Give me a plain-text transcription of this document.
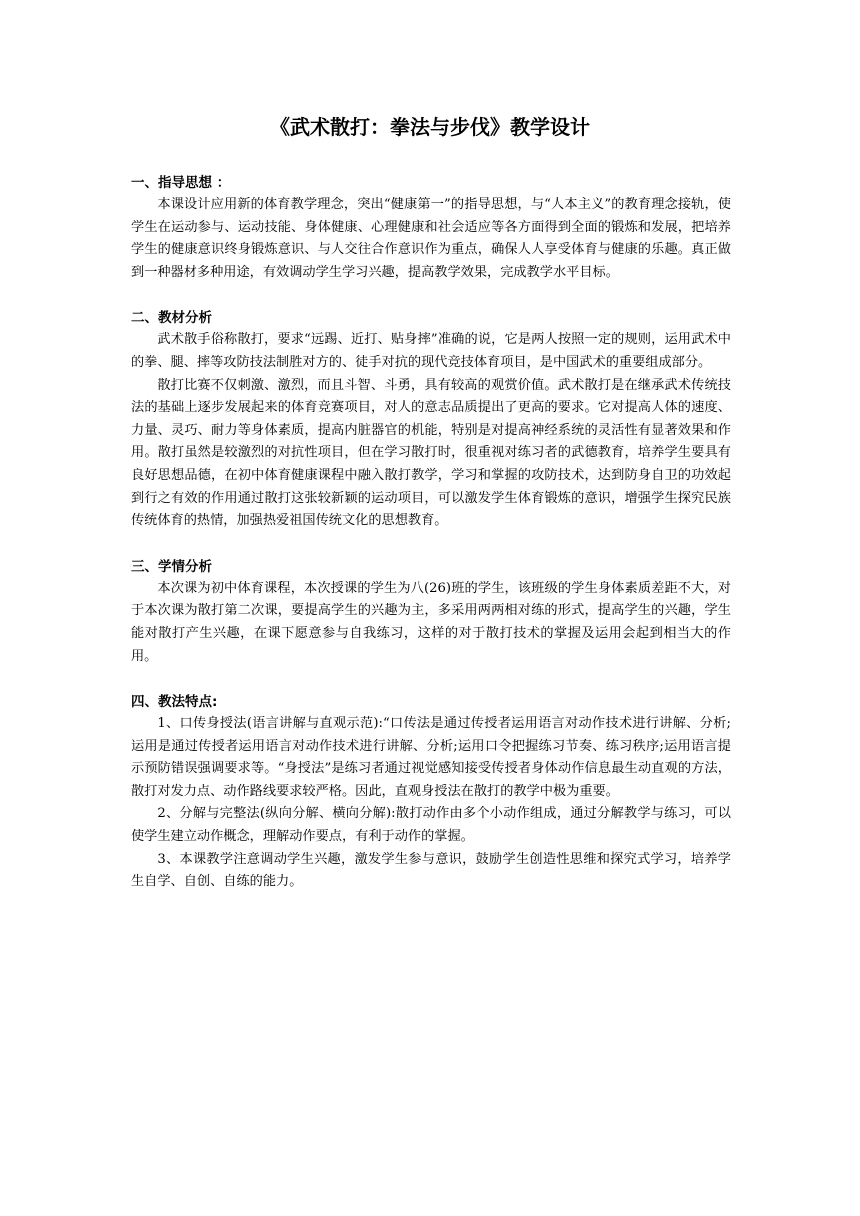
《武术散打：拳法与步伐》教学设计

一、指导思想 ：

本课设计应用新的体育教学理念，突出“健康第一”的指导思想，与“人本主义”的教育理念接轨，使学生在运动参与、运动技能、身体健康、心理健康和社会适应等各方面得到全面的锻炼和发展，把培养学生的健康意识终身锻炼意识、与人交往合作意识作为重点，确保人人享受体育与健康的乐趣。真正做到一种器材多种用途，有效调动学生学习兴趣，提高教学效果，完成教学水平目标。

二、教材分析

武术散手俗称散打，要求“远踢、近打、贴身摔”准确的说，它是两人按照一定的规则，运用武术中的拳、腿、摔等攻防技法制胜对方的、徒手对抗的现代竞技体育项目，是中国武术的重要组成部分。

散打比赛不仅刺激、激烈，而且斗智、斗勇，具有较高的观赏价值。武术散打是在继承武术传统技法的基础上逐步发展起来的体育竞赛项目，对人的意志品质提出了更高的要求。它对提高人体的速度、力量、灵巧、耐力等身体素质，提高内脏器官的机能，特别是对提高神经系统的灵活性有显著效果和作用。散打虽然是较激烈的对抗性项目，但在学习散打时，很重视对练习者的武德教育，培养学生要具有良好思想品德，在初中体育健康课程中融入散打教学，学习和掌握的攻防技术，达到防身自卫的功效起到行之有效的作用通过散打这张较新颖的运动项目，可以激发学生体育锻炼的意识，增强学生探究民族传统体育的热情，加强热爱祖国传统文化的思想教育。

三、学情分析

本次课为初中体育课程，本次授课的学生为八(26)班的学生，该班级的学生身体素质差距不大，对于本次课为散打第二次课，要提高学生的兴趣为主，多采用两两相对练的形式，提高学生的兴趣，学生能对散打产生兴趣，在课下愿意参与自我练习，这样的对于散打技术的掌握及运用会起到相当大的作用。

四、教法特点:

1、口传身授法(语言讲解与直观示范):“口传法是通过传授者运用语言对动作技术进行讲解、分析;运用是通过传授者运用语言对动作技术进行讲解、分析;运用口令把握练习节奏、练习秩序;运用语言提示预防错误强调要求等。“身授法”是练习者通过视觉感知接受传授者身体动作信息最生动直观的方法，散打对发力点、动作路线要求较严格。因此，直观身授法在散打的教学中极为重要。

2、分解与完整法(纵向分解、横向分解):散打动作由多个小动作组成，通过分解教学与练习，可以使学生建立动作概念，理解动作要点，有利于动作的掌握。

3、本课教学注意调动学生兴趣，激发学生参与意识，鼓励学生创造性思维和探究式学习，培养学生自学、自创、自练的能力。
